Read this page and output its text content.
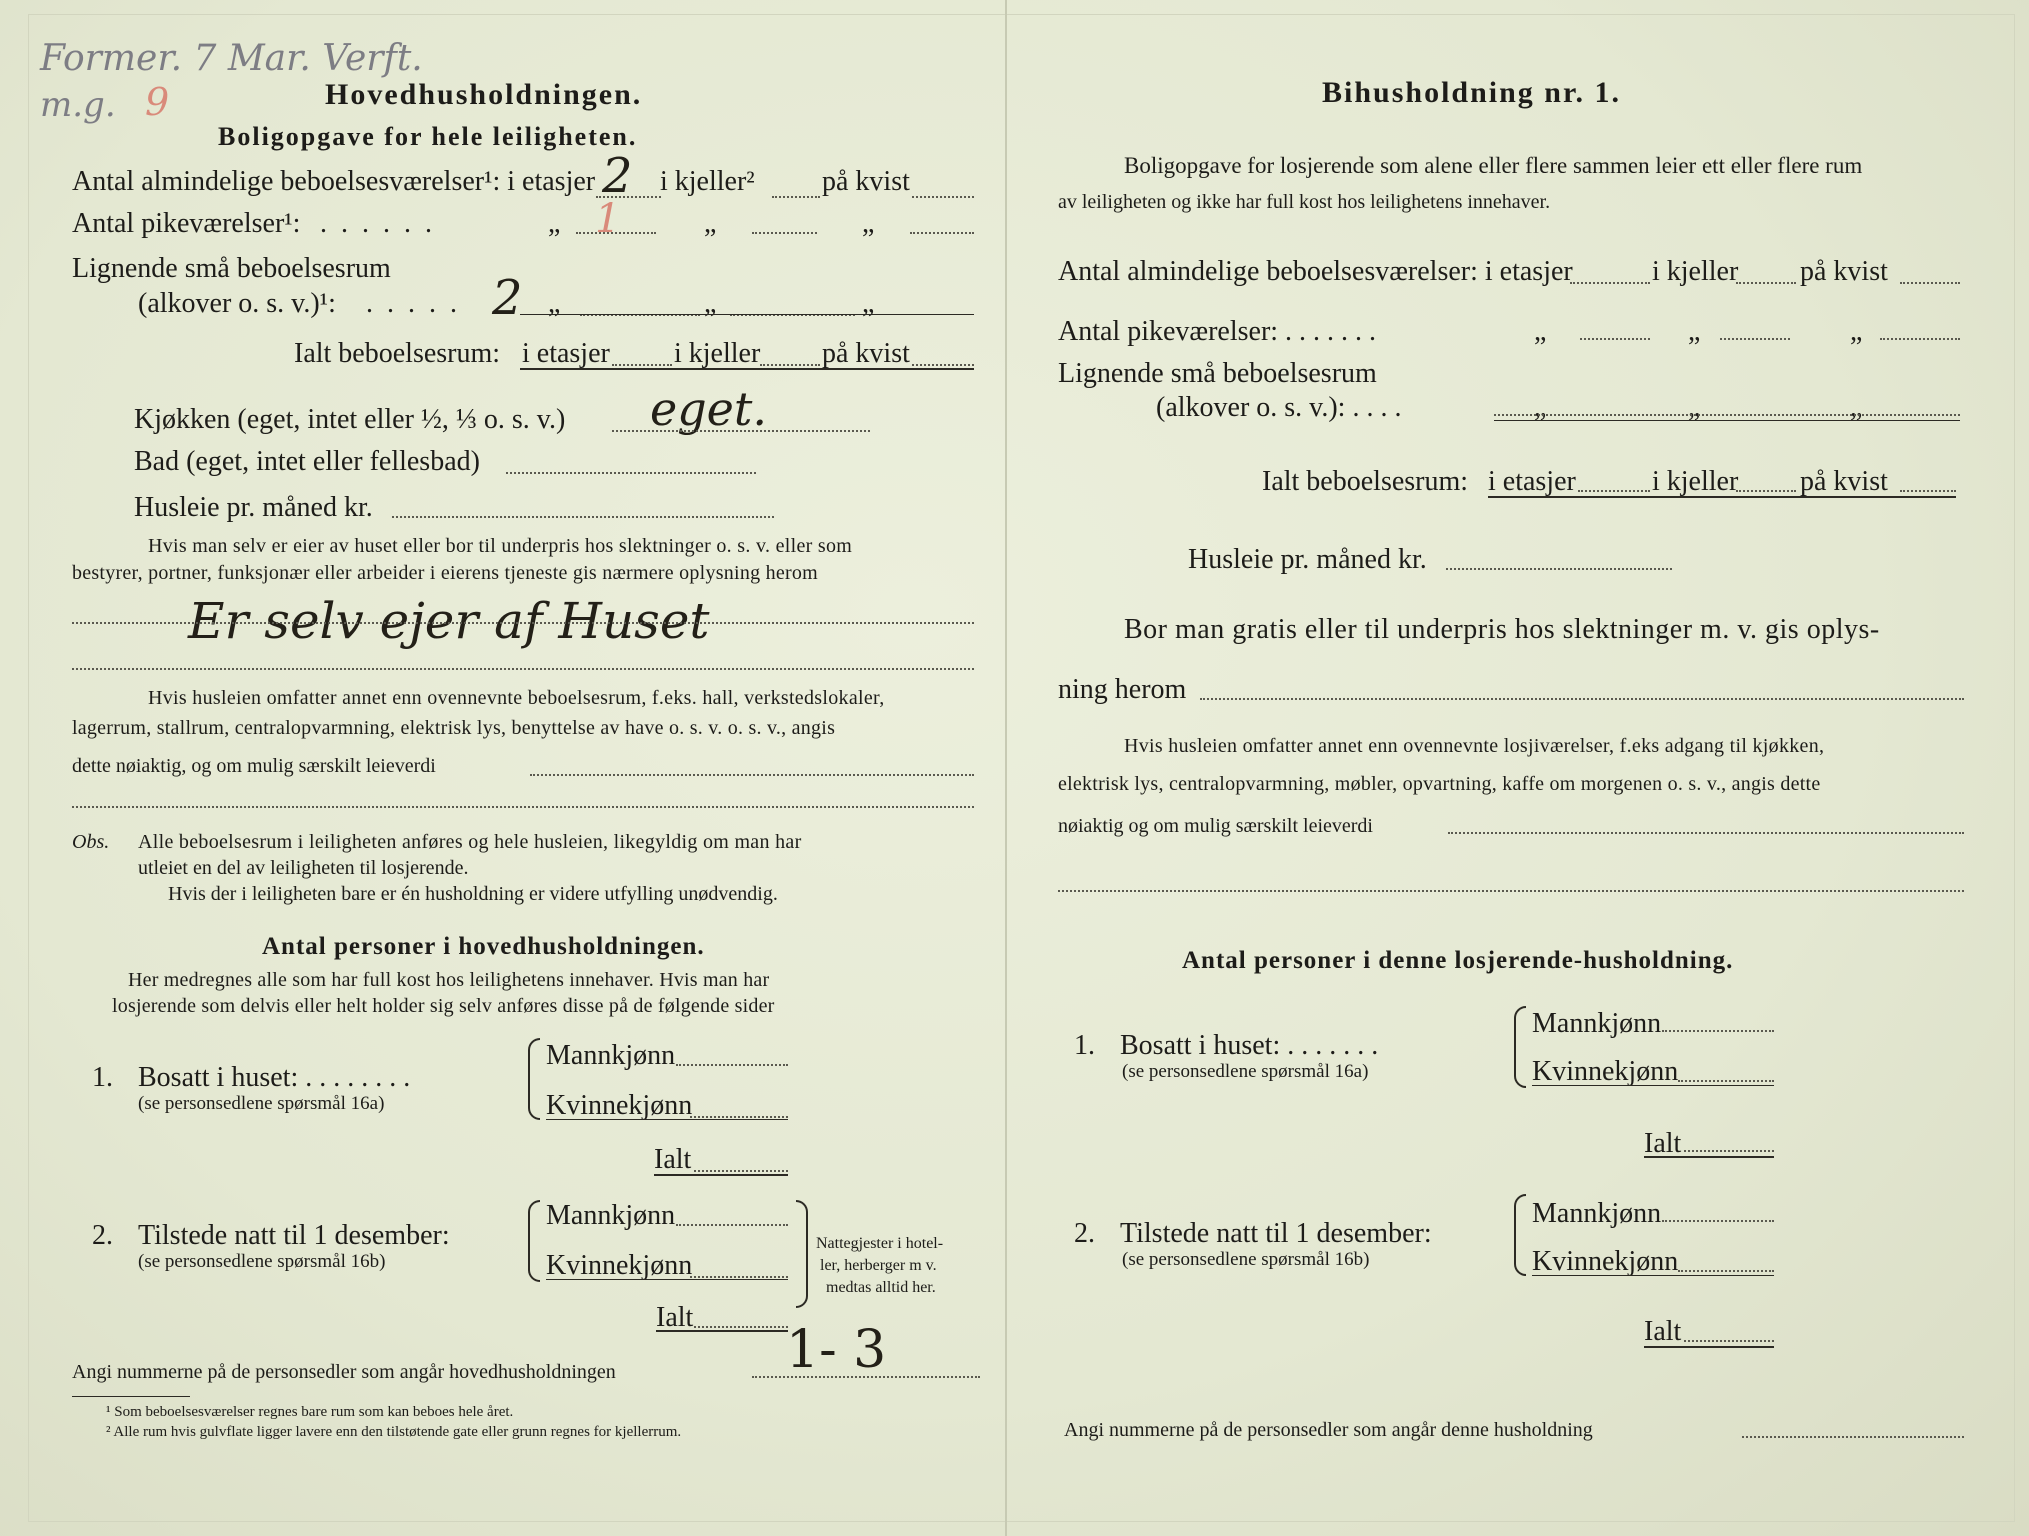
Former. 7 Mar. Verft.
m.g. 9	Hovedhusholdningen.
Boligopgave for hele leiligheten.
Antal almindelige beboelsesværelser¹: i etasjer 2 i kjeller² på kvist
Antal pikeværelser¹: ......	„ 1	„	„
Lignende små beboelsesrum
(alkover o. s. v.)¹: ..... 2 „	„	„
Ialt beboelsesrum: i etasjer i kjeller på kvist
Kjøkken (eget, intet eller ½, ⅓ o. s. v.) eget.
Bad (eget, intet eller fellesbad)
Husleie pr. måned kr.
Hvis man selv er eier av huset eller bor til underpris hos slektninger o. s. v. eller som
bestyrer, portner, funksjonær eller arbeider i eierens tjeneste gis nærmere oplysning herom
Er selv ejer af Huset
Hvis husleien omfatter annet enn ovennevnte beboelsesrum, f.eks. hall, verkstedslokaler,
lagerrum, stallrum, centralopvarmning, elektrisk lys, benyttelse av have o. s. v. o. s. v., angis
dette nøiaktig, og om mulig særskilt leieverdi
Obs. Alle beboelsesrum i leiligheten anføres og hele husleien, likegyldig om man har
utleiet en del av leiligheten til losjerende.
Hvis der i leiligheten bare er én husholdning er videre utfylling unødvendig.
Antal personer i hovedhusholdningen.
Her medregnes alle som har full kost hos leilighetens innehaver. Hvis man har
losjerende som delvis eller helt holder sig selv anføres disse på de følgende sider
1. Bosatt i huset: . . . . . . . .
(se personsedlene spørsmål 16a)
Mannkjønn
Kvinnekjønn
Ialt
2. Tilstede natt til 1 desember:
(se personsedlene spørsmål 16b)
Mannkjønn
Kvinnekjønn
Ialt
Nattegjester i hotel-
ler, herberger m v.
medtas alltid her.
Angi nummerne på de personsedler som angår hovedhusholdningen	1- 3
¹ Som beboelsesværelser regnes bare rum som kan beboes hele året.
² Alle rum hvis gulvflate ligger lavere enn den tilstøtende gate eller grunn regnes for kjellerrum.
Bihusholdning nr. 1.
Boligopgave for losjerende som alene eller flere sammen leier ett eller flere rum
av leiligheten og ikke har full kost hos leilighetens innehaver.
Antal almindelige beboelsesværelser: i etasjer	i kjeller på kvist
Antal pikeværelser: . . . . . . .	„	„	„
Lignende små beboelsesrum
(alkover o. s. v.): . . . .	„	„	„
Ialt beboelsesrum: i etasjer	i kjeller på kvist
Husleie pr. måned kr.
Bor man gratis eller til underpris hos slektninger m. v. gis oplys-
ning herom
Hvis husleien omfatter annet enn ovennevnte losjiværelser, f.eks adgang til kjøkken,
elektrisk lys, centralopvarmning, møbler, opvartning, kaffe om morgenen o. s. v., angis dette
nøiaktig og om mulig særskilt leieverdi
Antal personer i denne losjerende-husholdning.
1. Bosatt i huset: . . . . . . .
(se personsedlene spørsmål 16a)
Mannkjønn
Kvinnekjønn
Ialt
2. Tilstede natt til 1 desember:
(se personsedlene spørsmål 16b)
Mannkjønn
Kvinnekjønn
Ialt
Angi nummerne på de personsedler som angår denne husholdning
